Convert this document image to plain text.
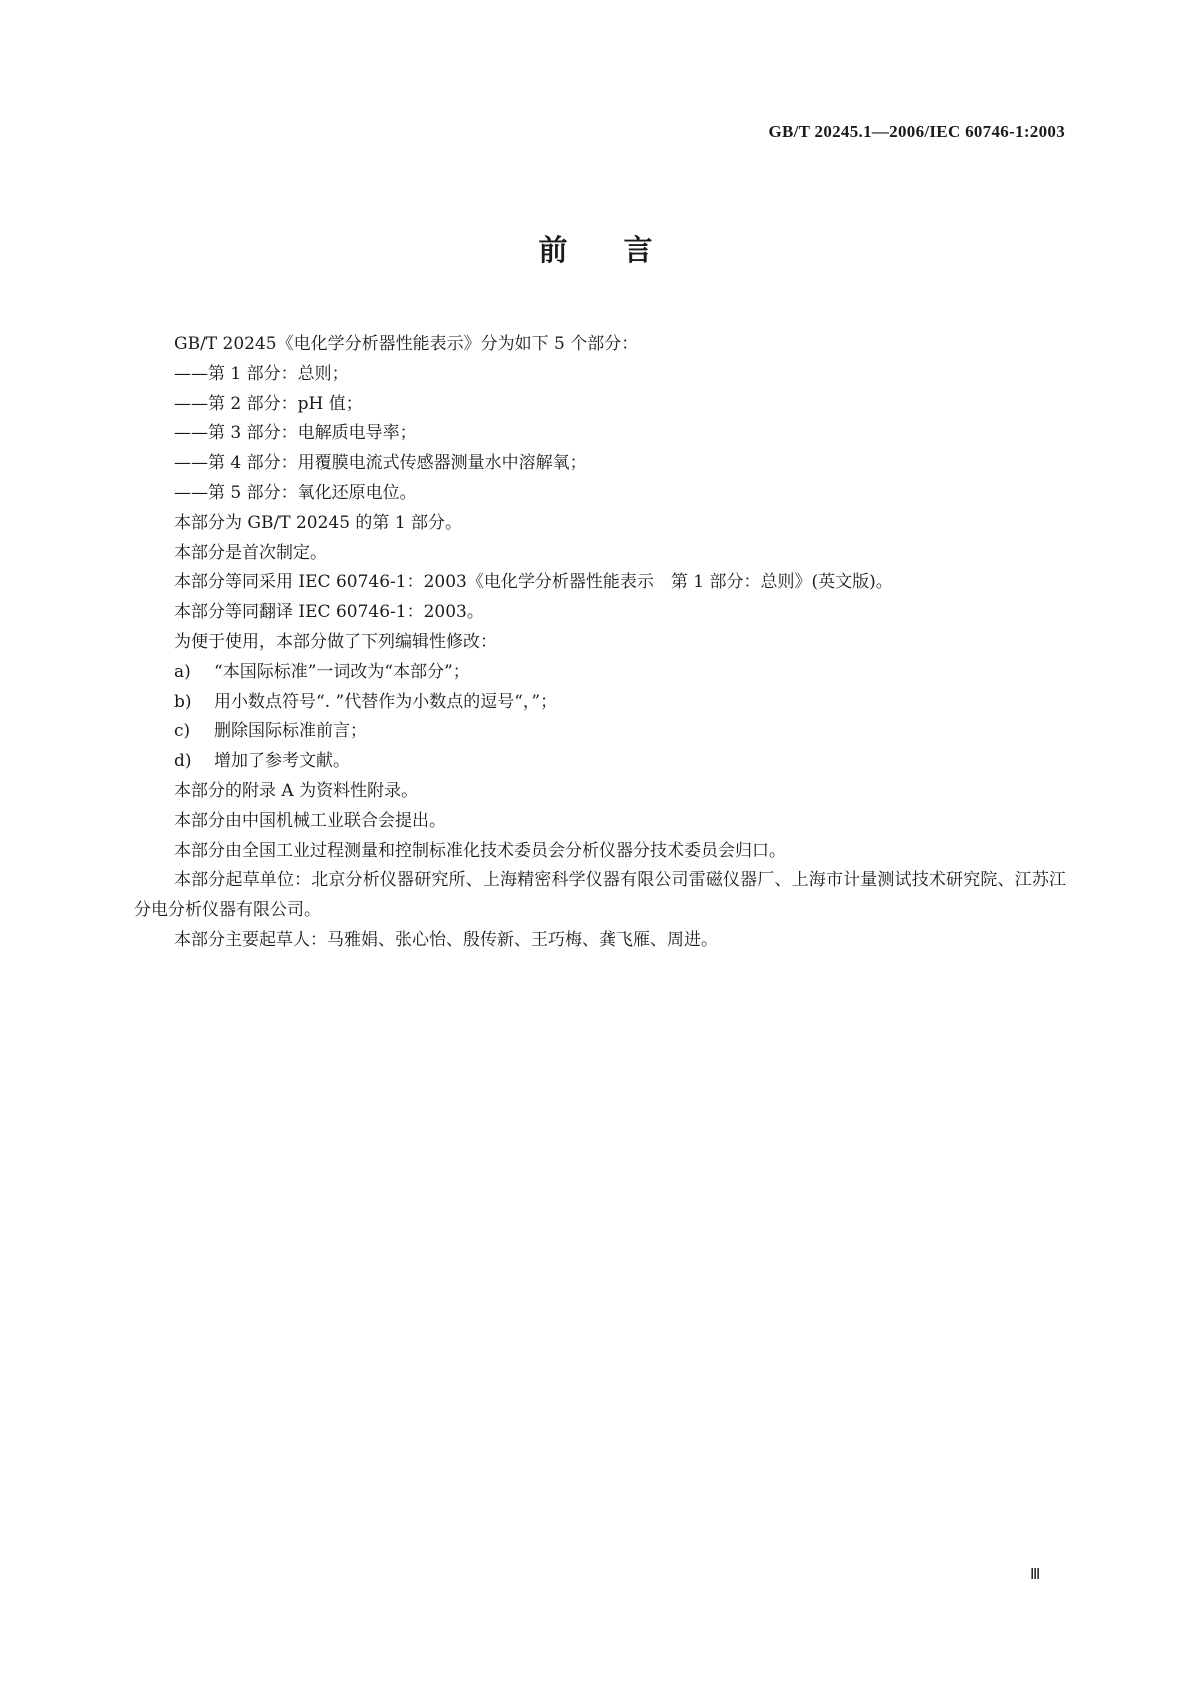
GB/T 20245.1—2006/IEC 60746-1:2003
前言

GB/T 20245《电化学分析器性能表示》分为如下 5 个部分：

——第 1 部分：总则；

——第 2 部分：pH 值；

——第 3 部分：电解质电导率；

——第 4 部分：用覆膜电流式传感器测量水中溶解氧；

——第 5 部分：氧化还原电位。

本部分为 GB/T 20245 的第 1 部分。

本部分是首次制定。

本部分等同采用 IEC 60746-1：2003《电化学分析器性能表示　第 1 部分：总则》(英文版)。

本部分等同翻译 IEC 60746-1：2003。

为便于使用，本部分做了下列编辑性修改：

a) “本国际标准”一词改为“本部分”；

b) 用小数点符号“. ”代替作为小数点的逗号“，”；

c) 删除国际标准前言；

d) 增加了参考文献。

本部分的附录 A 为资料性附录。

本部分由中国机械工业联合会提出。

本部分由全国工业过程测量和控制标准化技术委员会分析仪器分技术委员会归口。

本部分起草单位：北京分析仪器研究所、上海精密科学仪器有限公司雷磁仪器厂、上海市计量测试技术研究院、江苏江分电分析仪器有限公司。

本部分主要起草人：马雅娟、张心怡、殷传新、王巧梅、龚飞雁、周进。

Ⅲ
